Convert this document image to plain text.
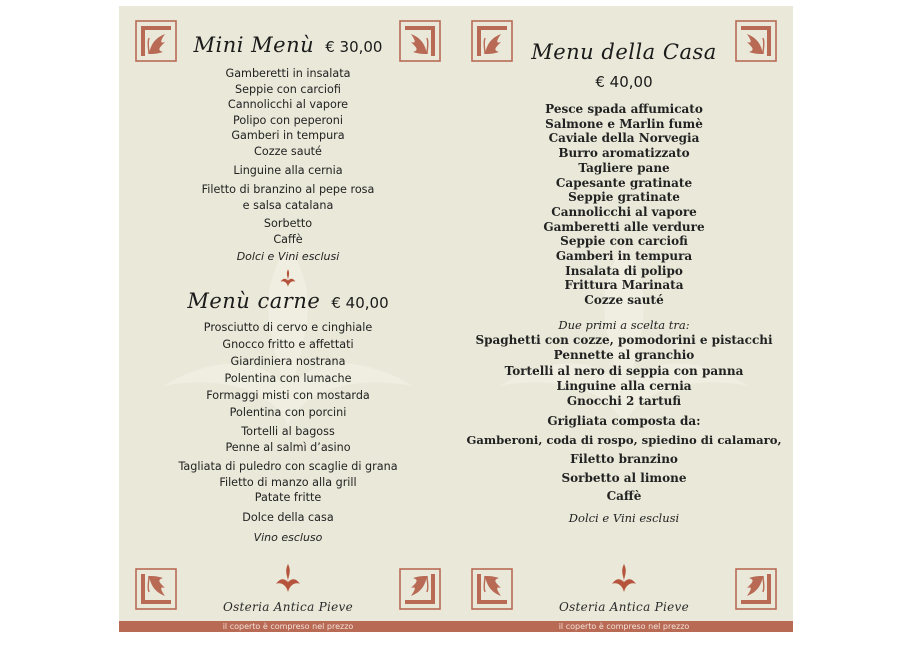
Mini Menù € 30,00
Gamberetti in insalata
Seppie con carciofi
Cannolicchi al vapore
Polipo con peperoni
Gamberi in tempura
Cozze sauté
Linguine alla cernia
Filetto di branzino al pepe rosa
e salsa catalana
Sorbetto
Caffè
Dolci e Vini esclusi
Menù carne € 40,00
Prosciutto di cervo e cinghiale
Gnocco fritto e affettati
Giardiniera nostrana
Polentina con lumache
Formaggi misti con mostarda
Polentina con porcini
Tortelli al bagoss
Penne al salmì d’asino
Tagliata di puledro con scaglie di grana
Filetto di manzo alla grill
Patate fritte
Dolce della casa
Vino escluso
Osteria Antica Pieve
il coperto è compreso nel prezzo
Menu della Casa
€ 40,00
Pesce spada affumicato
Salmone e Marlin fumè
Caviale della Norvegia
Burro aromatizzato
Tagliere pane
Capesante gratinate
Seppie gratinate
Cannolicchi al vapore
Gamberetti alle verdure
Seppie con carciofi
Gamberi in tempura
Insalata di polipo
Frittura Marinata
Cozze sauté
Due primi a scelta tra:
Spaghetti con cozze, pomodorini e pistacchi
Pennette al granchio
Tortelli al nero di seppia con panna
Linguine alla cernia
Gnocchi 2 tartufi
Grigliata composta da:
Gamberoni, coda di rospo, spiedino di calamaro,
Filetto branzino
Sorbetto al limone
Caffè
Dolci e Vini esclusi
Osteria Antica Pieve
il coperto è compreso nel prezzo
